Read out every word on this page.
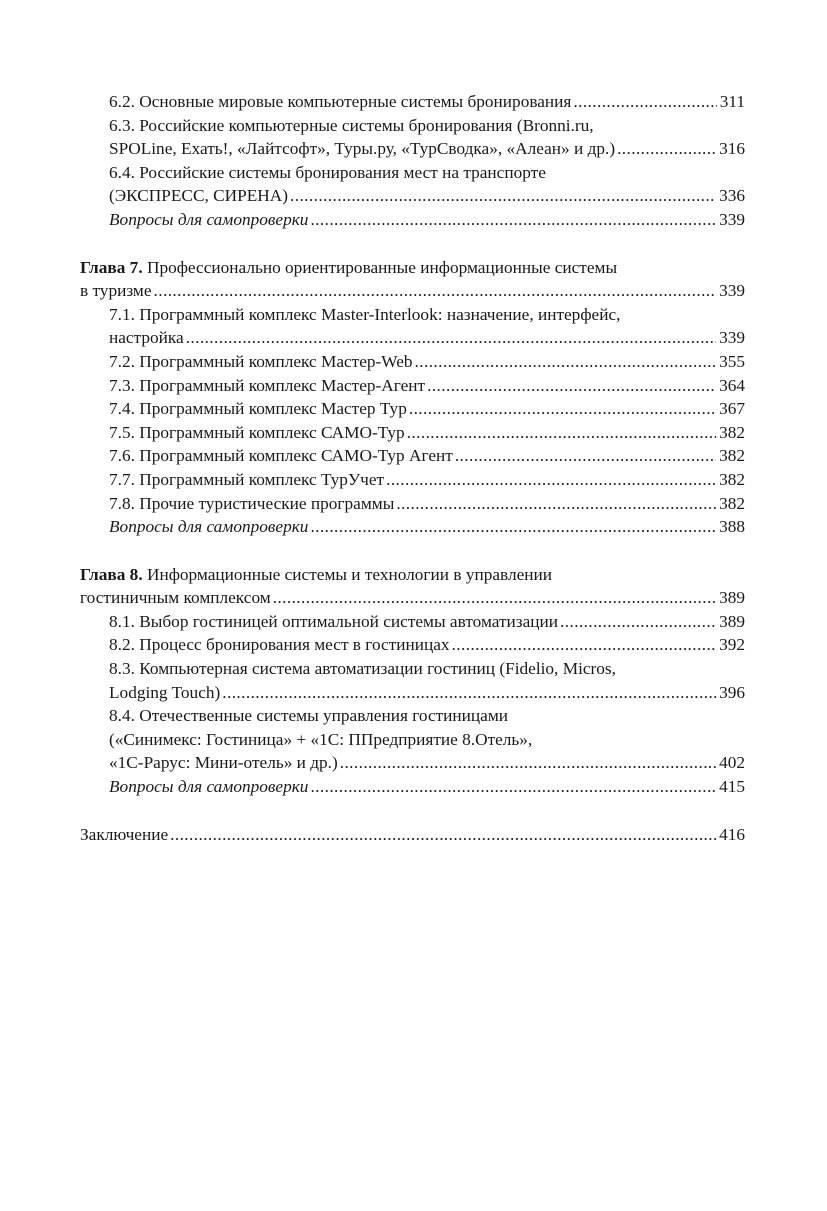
6.2. Основные мировые компьютерные системы бронирования .....	311
6.3. Российские компьютерные системы бронирования (Bronni.ru,
SPOLine, Ехать!, «Лайтсофт», Туры.ру, «ТурСводка», «Алеан» и др.) .....	316
6.4. Российские системы бронирования мест на транспорте
(ЭКСПРЕСС, СИРЕНА) .....	336
Вопросы для самопроверки .....	339
Глава 7. Профессионально ориентированные информационные системы
в туризме .....	339
7.1. Программный комплекс Master-Interlook: назначение, интерфейс,
настройка .....	339
7.2. Программный комплекс Мастер-Web .....	355
7.3. Программный комплекс Мастер-Агент .....	364
7.4. Программный комплекс Мастер Тур .....	367
7.5. Программный комплекс САМО-Тур .....	382
7.6. Программный комплекс САМО-Тур Агент .....	382
7.7. Программный комплекс ТурУчет .....	382
7.8. Прочие туристические программы .....	382
Вопросы для самопроверки .....	388
Глава 8. Информационные системы и технологии в управлении
гостиничным комплексом .....	389
8.1. Выбор гостиницей оптимальной системы автоматизации .....	389
8.2. Процесс бронирования мест в гостиницах .....	392
8.3. Компьютерная система автоматизации гостиниц (Fidelio, Micros,
Lodging Touch) .....	396
8.4. Отечественные системы управления гостиницами
(«Синимекс: Гостиница» + «1С: ППредприятие 8.Отель»,
«1С-Рарус: Мини-отель» и др.) .....	402
Вопросы для самопроверки .....	415
Заключение .....	416
